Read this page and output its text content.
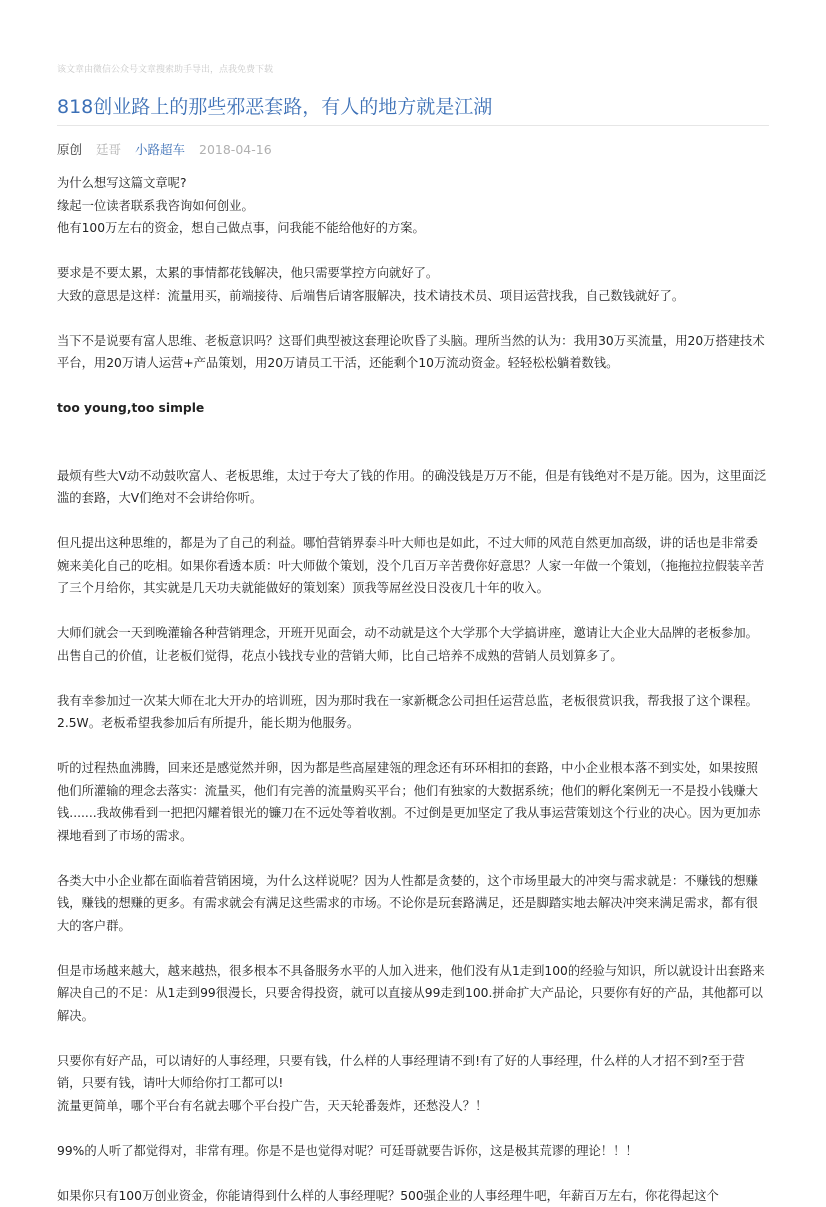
该文章由微信公众号文章搜索助手导出，点我免费下载
818创业路上的那些邪恶套路，有人的地方就是江湖
原创 廷哥 小路超车 2018-04-16

为什么想写这篇文章呢?
缘起一位读者联系我咨询如何创业。
他有100万左右的资金，想自己做点事，问我能不能给他好的方案。

要求是不要太累，太累的事情都花钱解决，他只需要掌控方向就好了。
大致的意思是这样：流量用买，前端接待、后端售后请客服解决，技术请技术员、项目运营找我，自己数钱就好了。

当下不是说要有富人思维、老板意识吗？这哥们典型被这套理论吹昏了头脑。理所当然的认为：我用30万买流量，用20万搭建技术平台，用20万请人运营+产品策划，用20万请员工干活，还能剩个10万流动资金。轻轻松松躺着数钱。

too young,too simple

最烦有些大V动不动鼓吹富人、老板思维，太过于夸大了钱的作用。的确没钱是万万不能，但是有钱绝对不是万能。因为，这里面泛滥的套路，大V们绝对不会讲给你听。

但凡提出这种思维的，都是为了自己的利益。哪怕营销界泰斗叶大师也是如此，不过大师的风范自然更加高级，讲的话也是非常委婉来美化自己的吃相。如果你看透本质：叶大师做个策划，没个几百万辛苦费你好意思？人家一年做一个策划，（拖拖拉拉假装辛苦了三个月给你，其实就是几天功夫就能做好的策划案）顶我等屌丝没日没夜几十年的收入。

大师们就会一天到晚灌输各种营销理念，开班开见面会，动不动就是这个大学那个大学搞讲座，邀请让大企业大品牌的老板参加。出售自己的价值，让老板们觉得，花点小钱找专业的营销大师，比自己培养不成熟的营销人员划算多了。

我有幸参加过一次某大师在北大开办的培训班，因为那时我在一家新概念公司担任运营总监，老板很赏识我，帮我报了这个课程。2.5W。老板希望我参加后有所提升，能长期为他服务。

听的过程热血沸腾，回来还是感觉然并卵，因为都是些高屋建瓴的理念还有环环相扣的套路，中小企业根本落不到实处，如果按照他们所灌输的理念去落实：流量买，他们有完善的流量购买平台；他们有独家的大数据系统；他们的孵化案例无一不是投小钱赚大钱.......我故佛看到一把把闪耀着银光的镰刀在不远处等着收割。不过倒是更加坚定了我从事运营策划这个行业的决心。因为更加赤裸地看到了市场的需求。

各类大中小企业都在面临着营销困境，为什么这样说呢？因为人性都是贪婪的，这个市场里最大的冲突与需求就是：不赚钱的想赚钱，赚钱的想赚的更多。有需求就会有满足这些需求的市场。不论你是玩套路满足，还是脚踏实地去解决冲突来满足需求，都有很大的客户群。

但是市场越来越大，越来越热，很多根本不具备服务水平的人加入进来，他们没有从1走到100的经验与知识，所以就设计出套路来解决自己的不足：从1走到99很漫长，只要舍得投资，就可以直接从99走到100.拼命扩大产品论，只要你有好的产品，其他都可以解决。

只要你有好产品，可以请好的人事经理，只要有钱，什么样的人事经理请不到!有了好的人事经理，什么样的人才招不到?至于营销，只要有钱，请叶大师给你打工都可以!
流量更简单，哪个平台有名就去哪个平台投广告，天天轮番轰炸，还愁没人？！

99%的人听了都觉得对，非常有理。你是不是也觉得对呢？可廷哥就要告诉你，这是极其荒谬的理论！！！

如果你只有100万创业资金，你能请得到什么样的人事经理呢？500强企业的人事经理牛吧，年薪百万左右，你花得起这个
